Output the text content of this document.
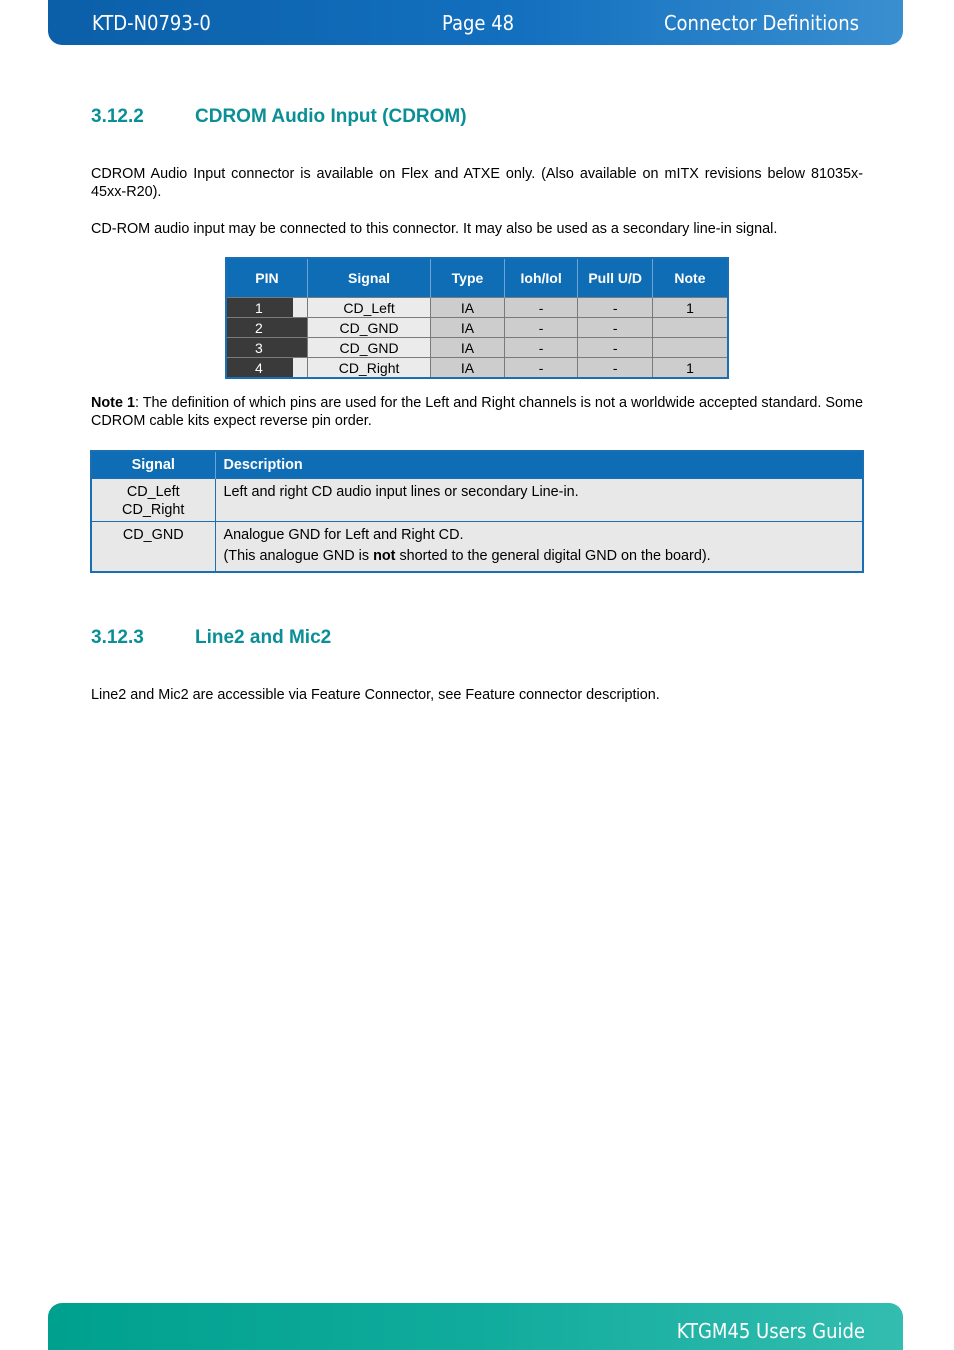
KTD-N0793-0	Page 48	Connector Definitions
3.12.2	CDROM Audio Input (CDROM)

CDROM Audio Input connector is available on Flex and ATXE only. (Also available on mITX revisions below 81035x-45xx-R20).

CD-ROM audio input may be connected to this connector. It may also be used as a secondary line-in signal.

PIN	Signal	Type	Ioh/Iol	Pull U/D	Note
1	CD_Left	IA	-	-	1
2	CD_GND	IA	-	-	
3	CD_GND	IA	-	-	
4	CD_Right	IA	-	-	1

Note 1: The definition of which pins are used for the Left and Right channels is not a worldwide accepted standard. Some CDROM cable kits expect reverse pin order.

Signal	Description

CD_Left
CD_Right	Left and right CD audio input lines or secondary Line-in.
CD_GND	Analogue GND for Left and Right CD.
(This analogue GND is not shorted to the general digital GND on the board).
3.12.3	Line2 and Mic2

Line2 and Mic2 are accessible via Feature Connector, see Feature connector description.

KTGM45 Users Guide
